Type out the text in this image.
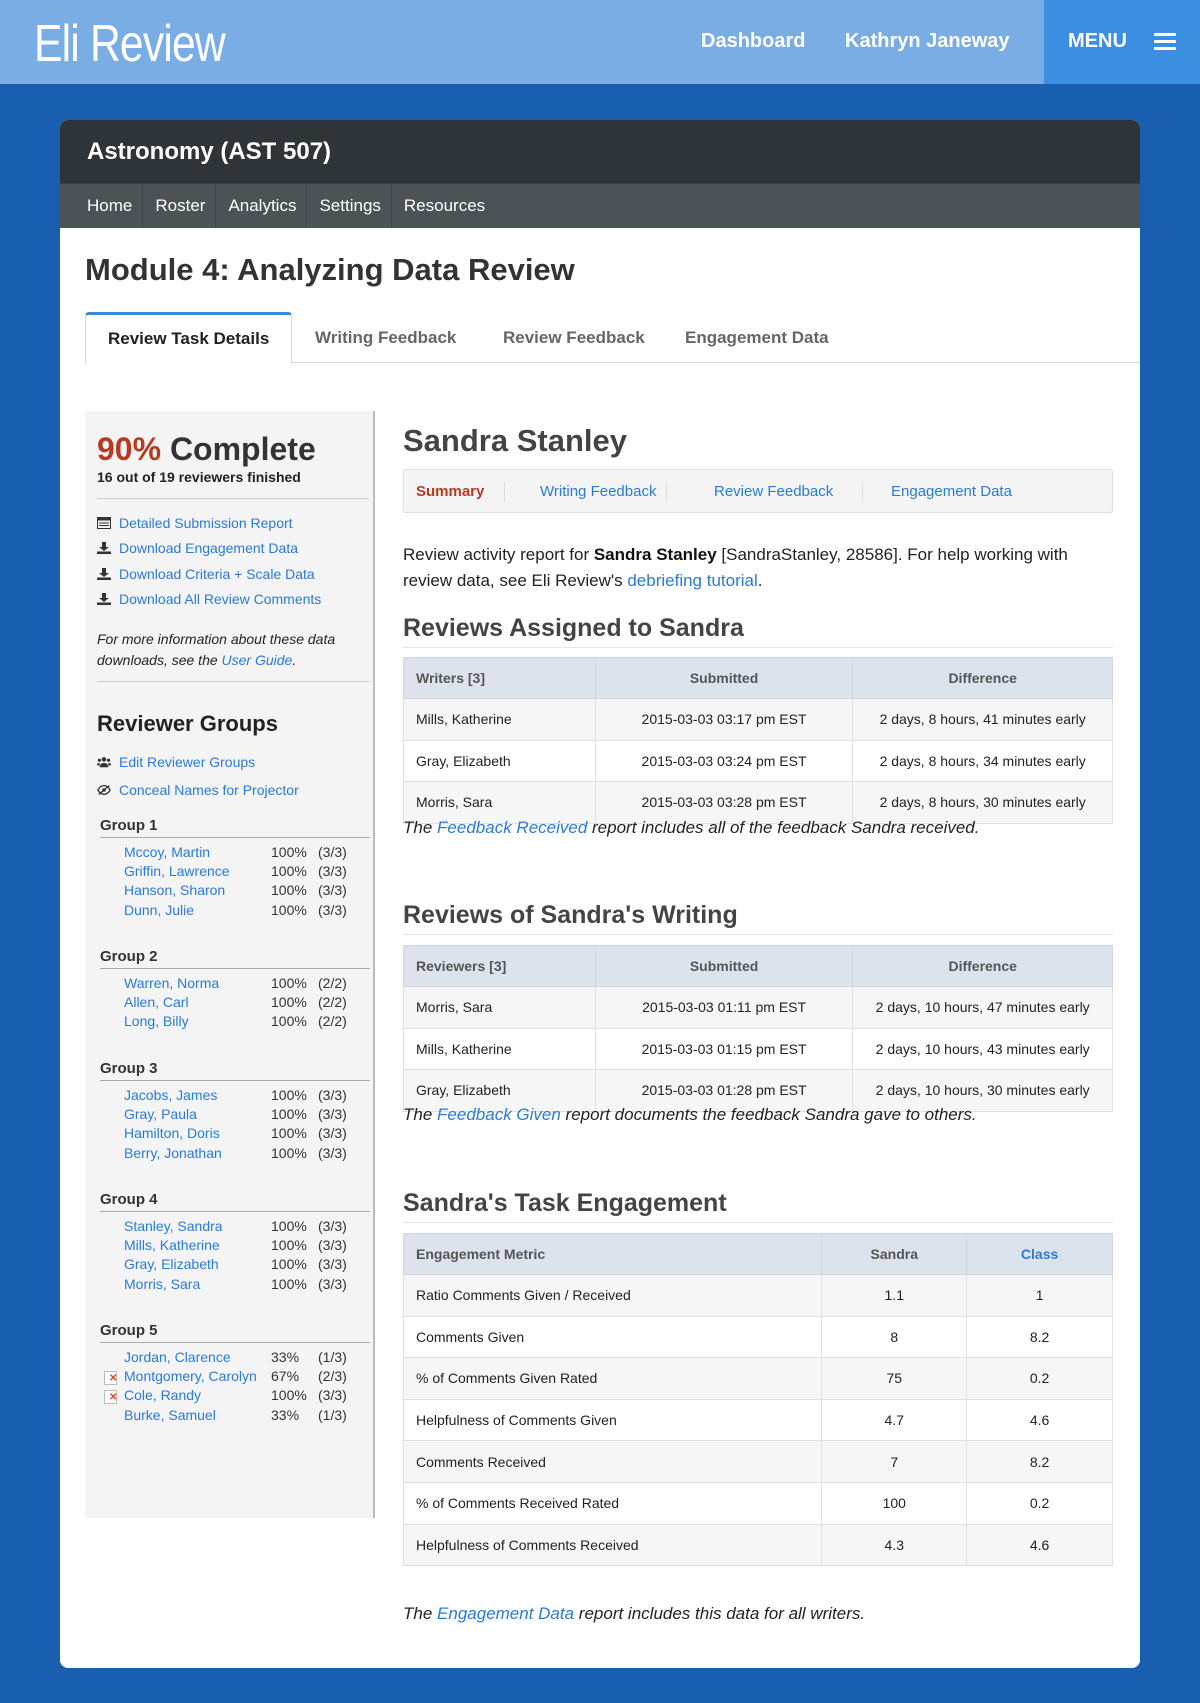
Eli Review	Dashboard Kathryn Janeway	MENU
Astronomy (AST 507)
Home	Roster	Analytics	Settings	Resources
Module 4: Analyzing Data Review
Review Task Details	Writing Feedback	Review Feedback Engagement Data
90% Complete
16 out of 19 reviewers finished
Detailed Submission Report
Download Engagement Data
Download Criteria + Scale Data
Download All Review Comments
For more information about these data downloads, see the User Guide.
Reviewer Groups
Edit Reviewer Groups
Conceal Names for Projector
Group 1
Mccoy, Martin	100% (3/3)
Griffin, Lawrence	100% (3/3)
Hanson, Sharon	100% (3/3)
Dunn, Julie	100% (3/3)
Group 2
Warren, Norma	100% (2/2)
Allen, Carl	100% (2/2)
Long, Billy	100% (2/2)
Group 3
Jacobs, James	100% (3/3)
Gray, Paula	100% (3/3)
Hamilton, Doris	100% (3/3)
Berry, Jonathan	100% (3/3)
Group 4
Stanley, Sandra	100% (3/3)
Mills, Katherine	100% (3/3)
Gray, Elizabeth	100% (3/3)
Morris, Sara	100% (3/3)
Group 5
Jordan, Clarence	33% (1/3)
✕
Montgomery, Carolyn 67% (2/3)
✕
Cole, Randy	100% (3/3)
Burke, Samuel	33% (1/3)
Sandra Stanley
Summary	Writing Feedback	Review Feedback	Engagement Data
Review activity report for Sandra Stanley [SandraStanley, 28586]. For help working with review data, see Eli Review's debriefing tutorial.
Reviews Assigned to Sandra
Writers [3]	Submitted	Difference
Mills, Katherine	2015-03-03 03:17 pm EST	2 days, 8 hours, 41 minutes early
Gray, Elizabeth	2015-03-03 03:24 pm EST	2 days, 8 hours, 34 minutes early
Morris, Sara	2015-03-03 03:28 pm EST	2 days, 8 hours, 30 minutes early
The Feedback Received report includes all of the feedback Sandra received.
Reviews of Sandra's Writing
Reviewers [3]	Submitted	Difference
Morris, Sara	2015-03-03 01:11 pm EST	2 days, 10 hours, 47 minutes early
Mills, Katherine	2015-03-03 01:15 pm EST	2 days, 10 hours, 43 minutes early
Gray, Elizabeth	2015-03-03 01:28 pm EST	2 days, 10 hours, 30 minutes early
The Feedback Given report documents the feedback Sandra gave to others.
Sandra's Task Engagement
Engagement Metric	Sandra	Class
Ratio Comments Given / Received	1.1	1
Comments Given	8	8.2
% of Comments Given Rated	75	0.2
Helpfulness of Comments Given	4.7	4.6
Comments Received	7	8.2
% of Comments Received Rated	100	0.2
Helpfulness of Comments Received	4.3	4.6
The Engagement Data report includes this data for all writers.
